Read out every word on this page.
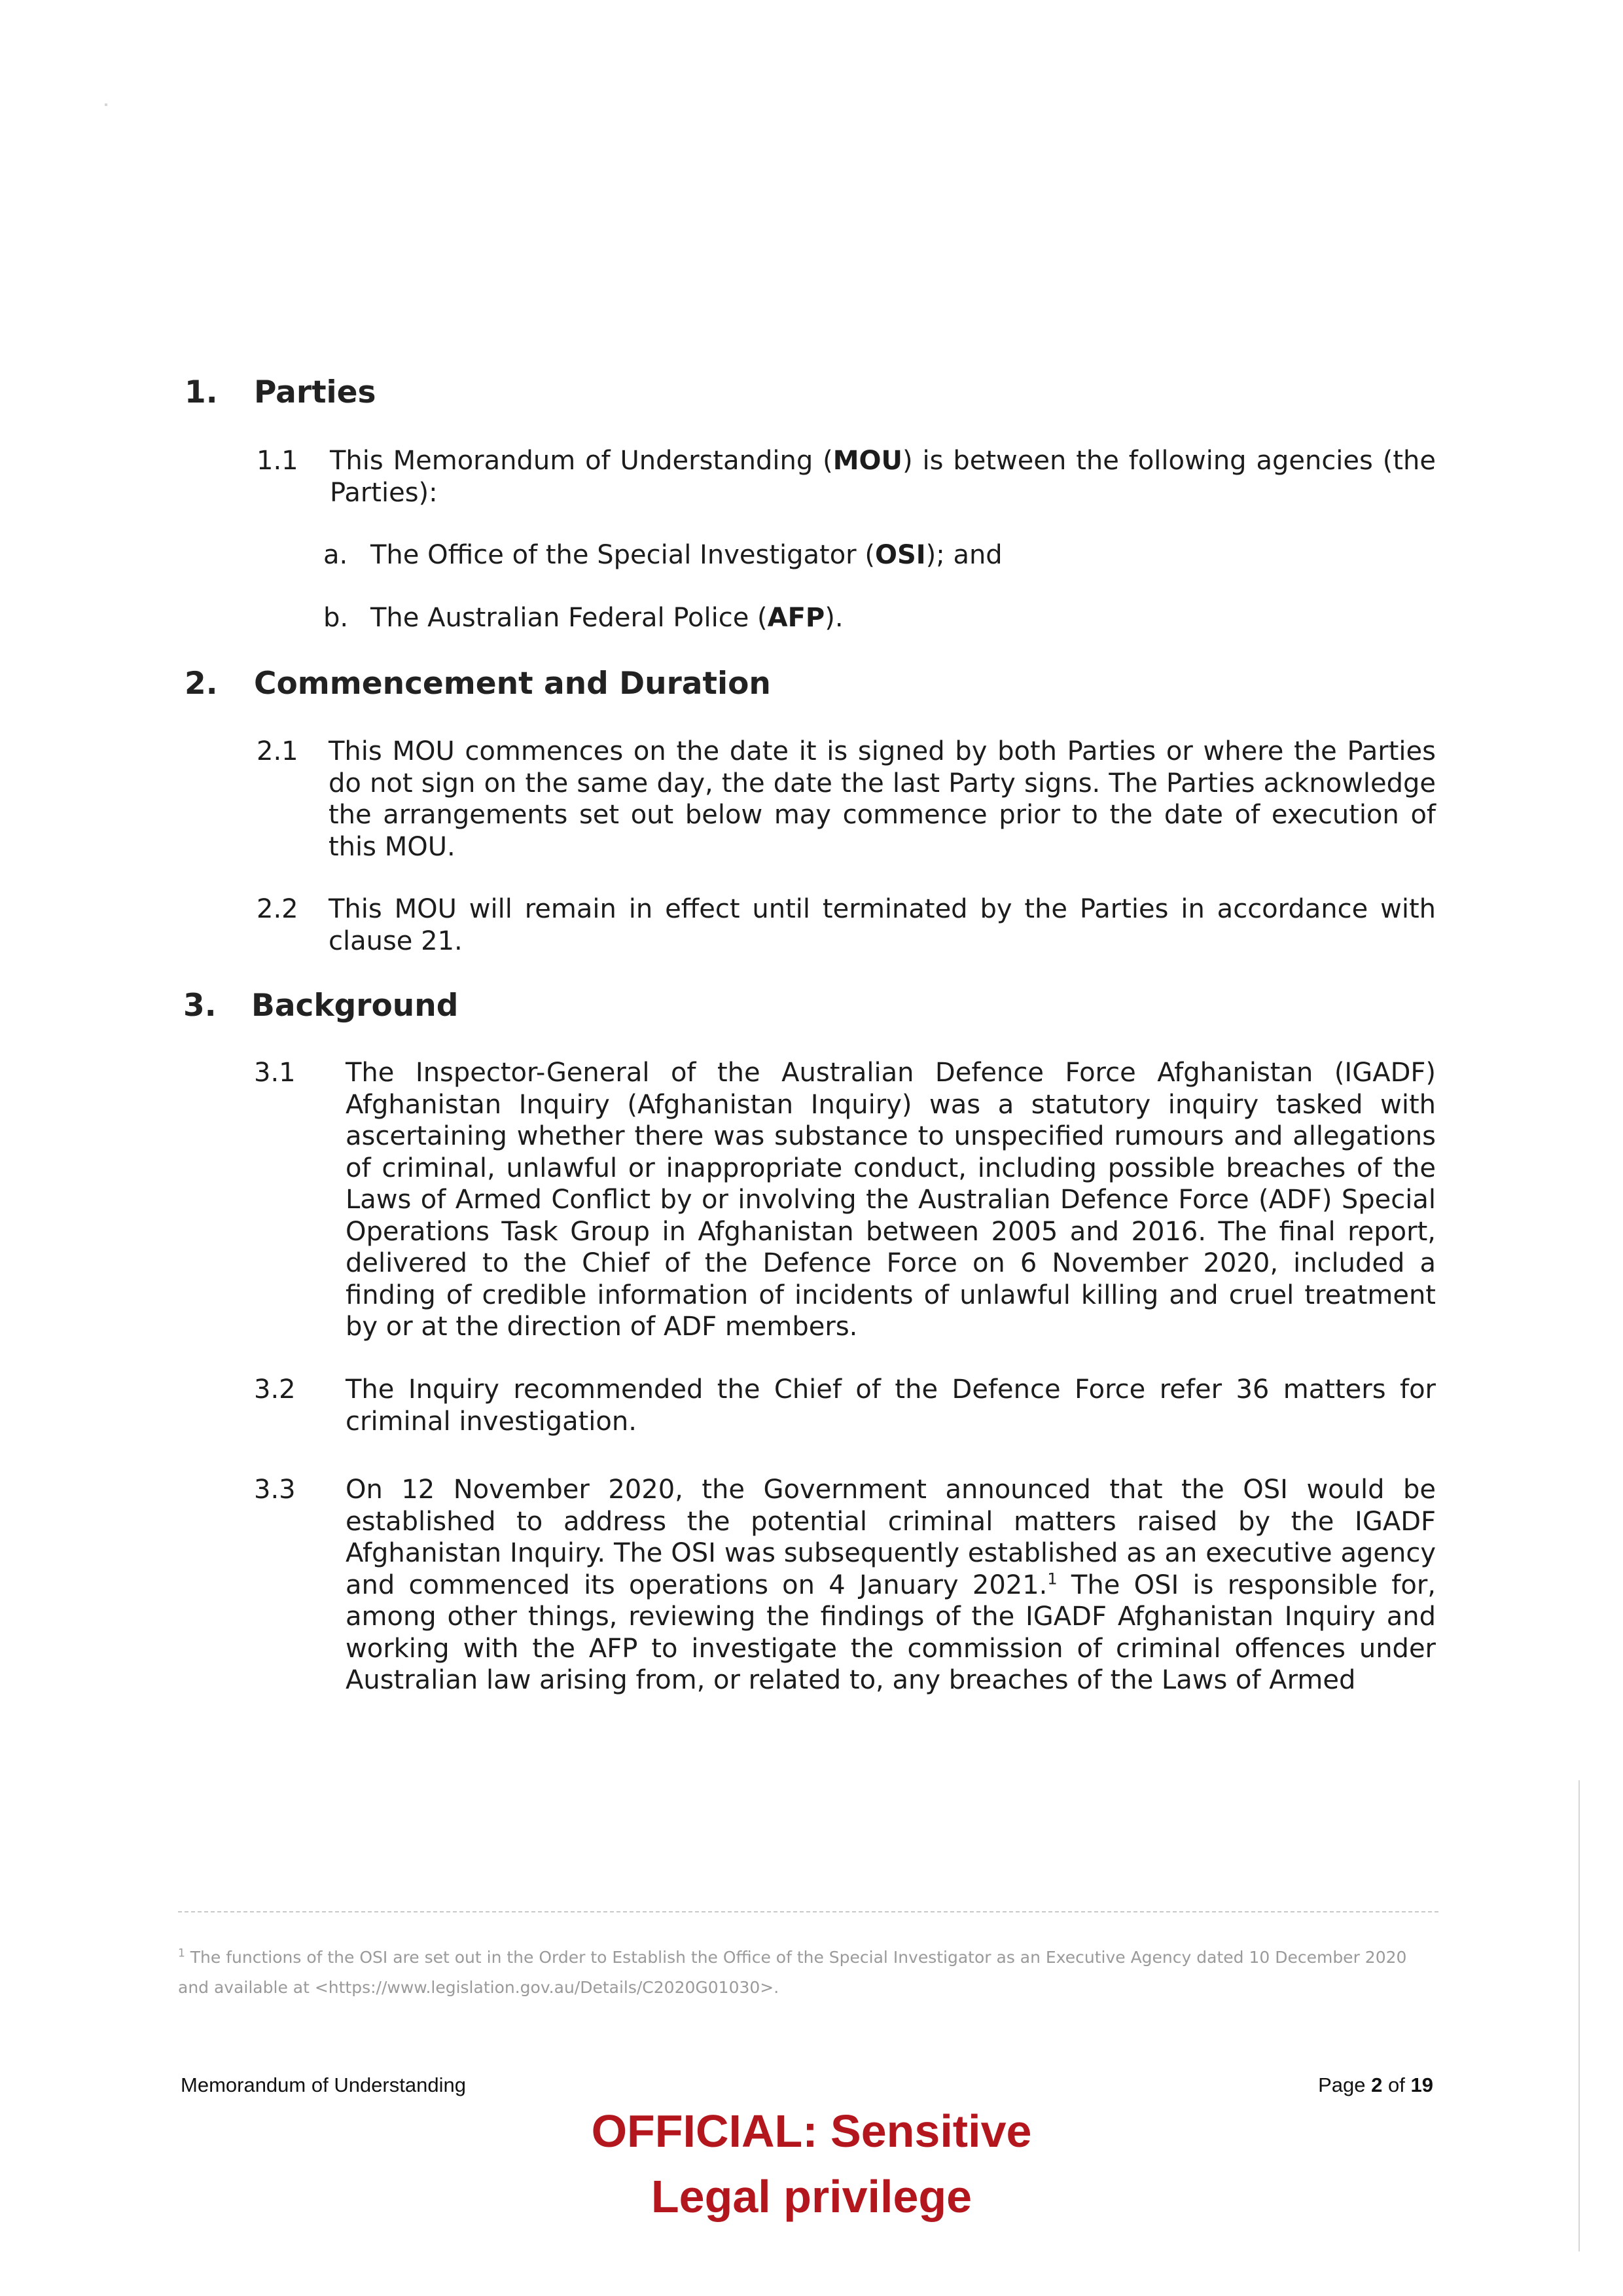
1. Parties
1.1 This Memorandum of Understanding (MOU) is between the following agencies (the Parties):

a. The Office of the Special Investigator (OSI); and

b. The Australian Federal Police (AFP).

2. Commencement and Duration
2.1 This MOU commences on the date it is signed by both Parties or where the Parties do not sign on the same day, the date the last Party signs. The Parties acknowledge the arrangements set out below may commence prior to the date of execution of this MOU.

2.2 This MOU will remain in effect until terminated by the Parties in accordance with clause 21.

3. Background
3.1 The Inspector-General of the Australian Defence Force Afghanistan (IGADF) Afghanistan Inquiry (Afghanistan Inquiry) was a statutory inquiry tasked with ascertaining whether there was substance to unspecified rumours and allegations of criminal, unlawful or inappropriate conduct, including possible breaches of the Laws of Armed Conflict by or involving the Australian Defence Force (ADF) Special Operations Task Group in Afghanistan between 2005 and 2016. The final report, delivered to the Chief of the Defence Force on 6 November 2020, included a finding of credible information of incidents of unlawful killing and cruel treatment by or at the direction of ADF members.

3.2 The Inquiry recommended the Chief of the Defence Force refer 36 matters for criminal investigation.

3.3 On 12 November 2020, the Government announced that the OSI would be established to address the potential criminal matters raised by the IGADF Afghanistan Inquiry. The OSI was subsequently established as an executive agency and commenced its operations on 4 January 2021.$^1$ The OSI is responsible for, among other things, reviewing the findings of the IGADF Afghanistan Inquiry and working with the AFP to investigate the commission of criminal offences under Australian law arising from, or related to, any breaches of the Laws of Armed

$^1$ The functions of the OSI are set out in the Order to Establish the Office of the Special Investigator as an Executive Agency dated 10 December 2020 and available at <https://www.legislation.gov.au/Details/C2020G01030>.

Memorandum of Understanding	Page 2 of 19
OFFICIAL: Sensitive
Legal privilege
